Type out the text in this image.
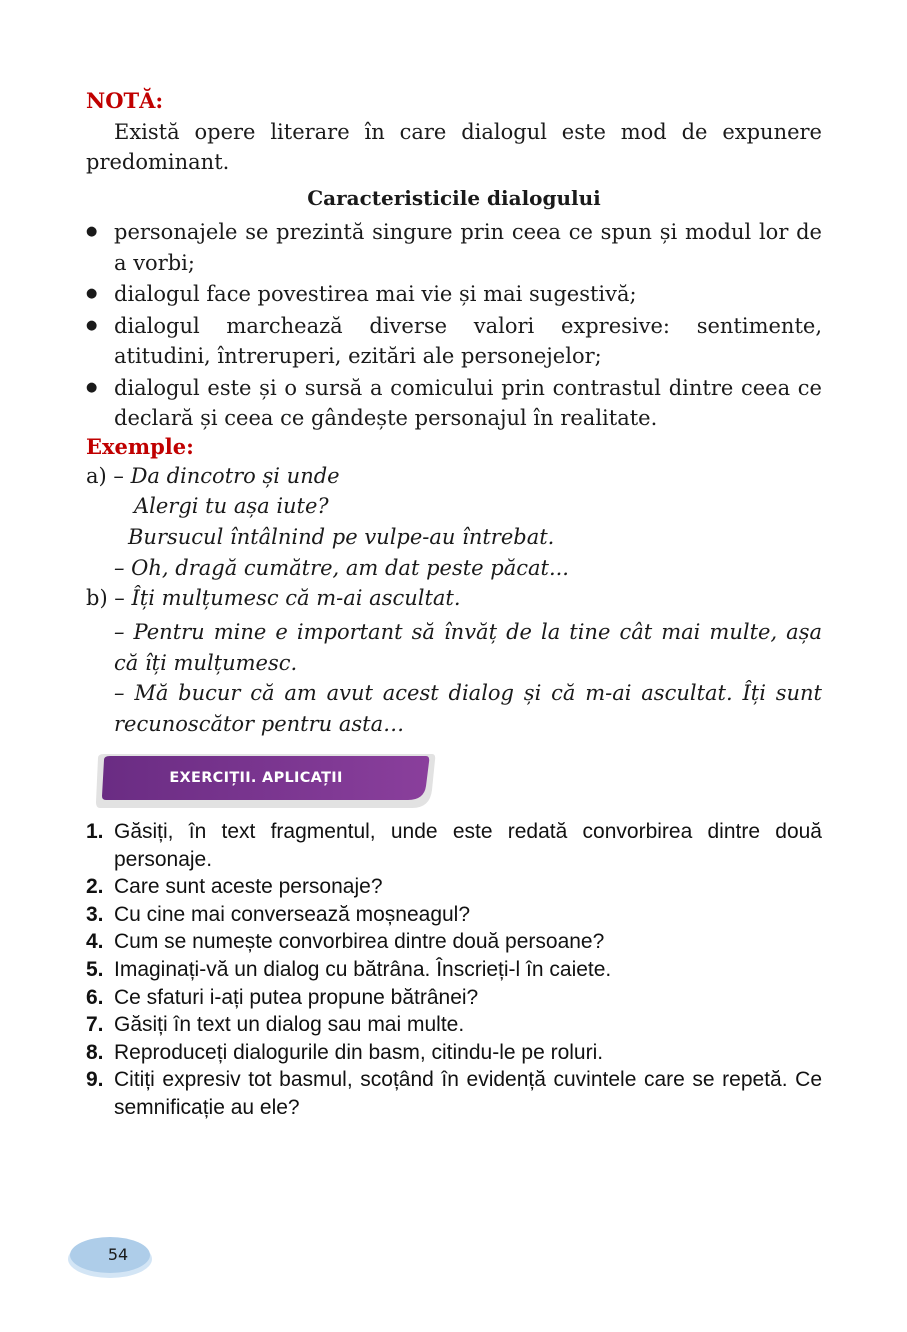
NOTĂ:
Există opere literare în care dialogul este mod de expunere predominant.
Caracteristicile dialogului
● personajele se prezintă singure prin ceea ce spun și modul lor de a vorbi;
● dialogul face povestirea mai vie și mai sugestivă;
● dialogul marchează diverse valori expresive: sentimente, atitudini, întreruperi, ezitări ale personejelor;
● dialogul este și o sursă a comicului prin contrastul dintre ceea ce declară și ceea ce gândește personajul în realitate.
Exemple:
a) – Da dincotro și unde
Alergi tu așa iute?
Bursucul întâlnind pe vulpe-au întrebat.
– Oh, dragă cumătre, am dat peste păcat...
b) – Îți mulțumesc că m-ai ascultat.
– Pentru mine e important să învăț de la tine cât mai multe, așa că îți mulțumesc.
– Mă bucur că am avut acest dialog și că m-ai ascultat. Îți sunt recunoscător pentru asta…
EXERCIȚII. APLICAȚII
1. Găsiți, în text fragmentul, unde este redată convorbirea dintre două personaje.
2. Care sunt aceste personaje?
3. Cu cine mai conversează moșneagul?
4. Cum se numește convorbirea dintre două persoane?
5. Imaginați-vă un dialog cu bătrâna. Înscrieți-l în caiete.
6. Ce sfaturi i-ați putea propune bătrânei?
7. Găsiți în text un dialog sau mai multe.
8. Reproduceți dialogurile din basm, citindu-le pe roluri.
9. Citiți expresiv tot basmul, scoțând în evidență cuvintele care se repetă. Ce semnificație au ele?
54
